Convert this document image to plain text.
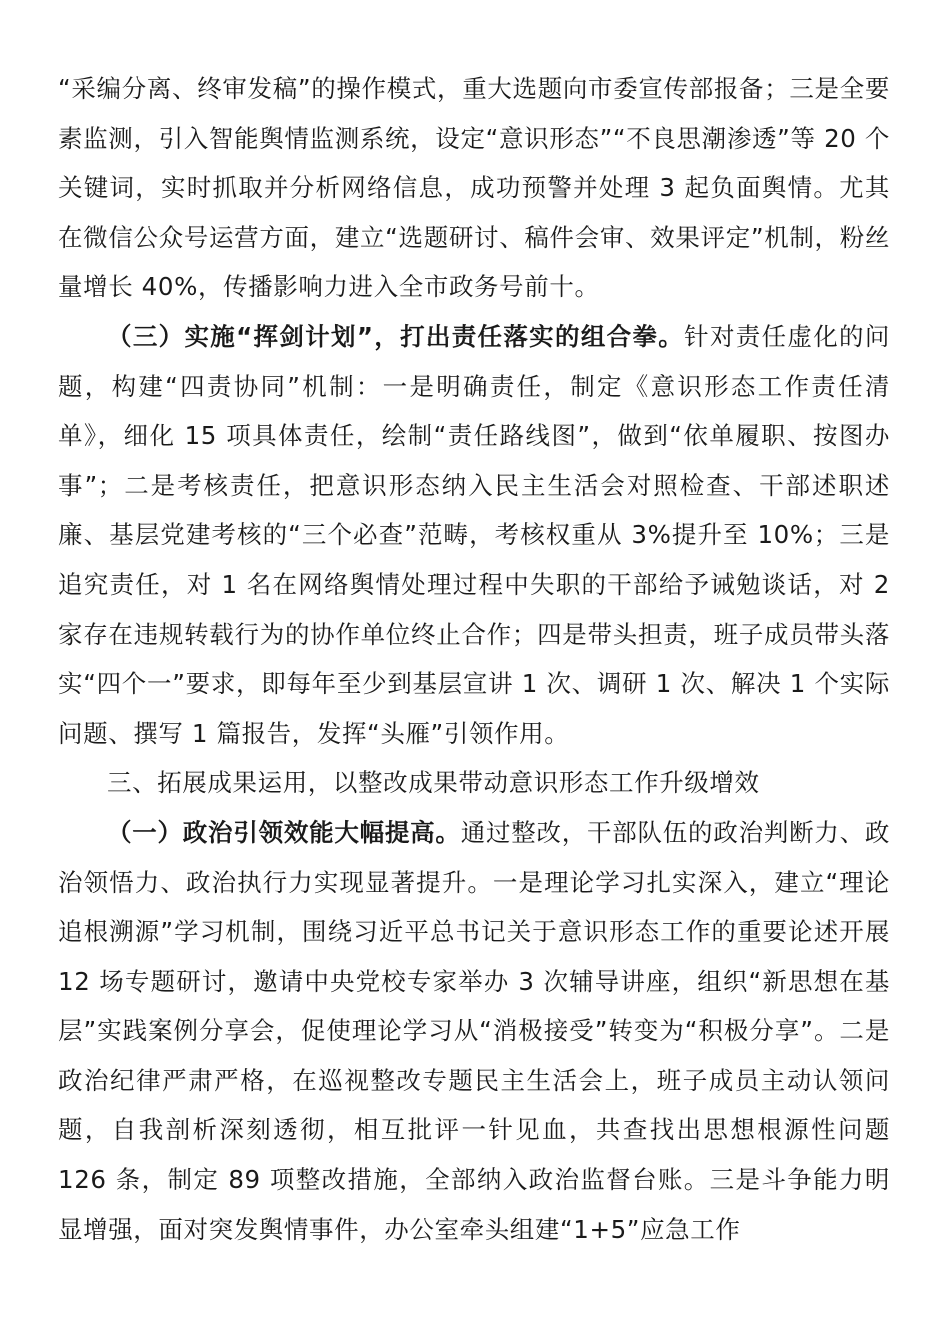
“采编分离、终审发稿”的操作模式，重大选题向市委宣传部报备；三是全要素监测，引入智能舆情监测系统，设定“意识形态”“不良思潮渗透”等 20 个关键词，实时抓取并分析网络信息，成功预警并处理 3 起负面舆情。尤其在微信公众号运营方面，建立“选题研讨、稿件会审、效果评定”机制，粉丝量增长 40%，传播影响力进入全市政务号前十。

（三）实施“挥剑计划”，打出责任落实的组合拳。针对责任虚化的问题，构建“四责协同”机制：一是明确责任，制定《意识形态工作责任清单》，细化 15 项具体责任，绘制“责任路线图”，做到“依单履职、按图办事”；二是考核责任，把意识形态纳入民主生活会对照检查、干部述职述廉、基层党建考核的“三个必查”范畴，考核权重从 3%提升至 10%；三是追究责任，对 1 名在网络舆情处理过程中失职的干部给予诫勉谈话，对 2 家存在违规转载行为的协作单位终止合作；四是带头担责，班子成员带头落实“四个一”要求，即每年至少到基层宣讲 1 次、调研 1 次、解决 1 个实际问题、撰写 1 篇报告，发挥“头雁”引领作用。

三、拓展成果运用，以整改成果带动意识形态工作升级增效

（一）政治引领效能大幅提高。通过整改，干部队伍的政治判断力、政治领悟力、政治执行力实现显著提升。一是理论学习扎实深入，建立“理论追根溯源”学习机制，围绕习近平总书记关于意识形态工作的重要论述开展 12 场专题研讨，邀请中央党校专家举办 3 次辅导讲座，组织“新思想在基层”实践案例分享会，促使理论学习从“消极接受”转变为“积极分享”。二是政治纪律严肃严格，在巡视整改专题民主生活会上，班子成员主动认领问题，自我剖析深刻透彻，相互批评一针见血，共查找出思想根源性问题 126 条，制定 89 项整改措施，全部纳入政治监督台账。三是斗争能力明显增强，面对突发舆情事件，办公室牵头组建“1+5”应急工作
